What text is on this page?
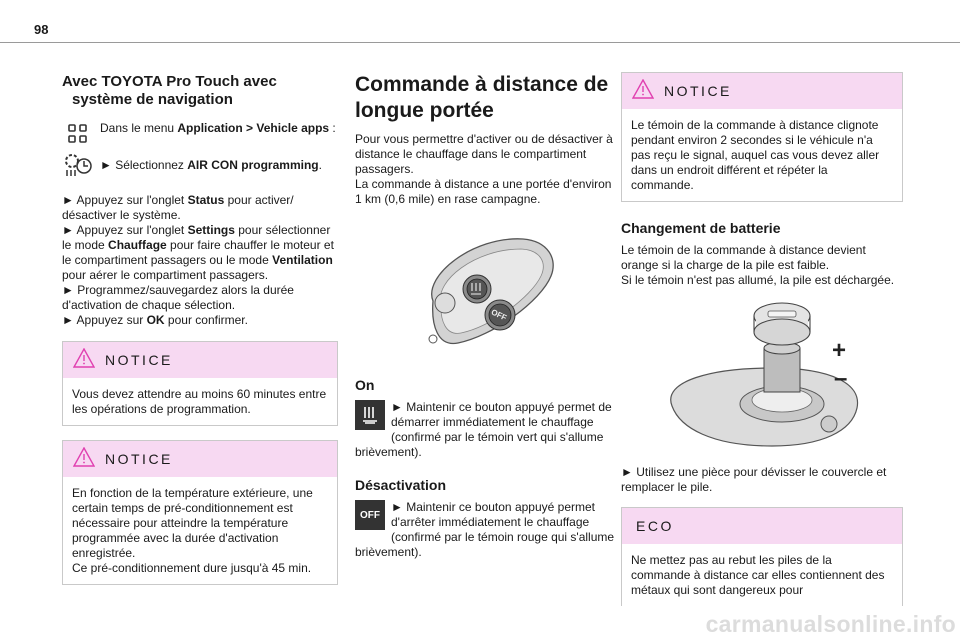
98
Avec TOYOTA Pro Touch avec système de navigation

Dans le menu Application > Vehicle apps :

► Sélectionnez AIR CON programming.

► Appuyez sur l'onglet Status pour activer/ désactiver le système.
► Appuyez sur l'onglet Settings pour sélectionner le mode Chauffage pour faire chauffer le moteur et le compartiment passagers ou le mode Ventilation pour aérer le compartiment passagers.
► Programmez/sauvegardez alors la durée d'activation de chaque sélection.
► Appuyez sur OK pour confirmer.

NOTICE

Vous devez attendre au moins 60 minutes entre les opérations de programmation.

NOTICE

En fonction de la température extérieure, une certain temps de pré-conditionnement est nécessaire pour atteindre la température programmée avec la durée d'activation enregistrée.

Ce pré-conditionnement dure jusqu'à 45 min.

Commande à distance de longue portée

Pour vous permettre d'activer ou de désactiver à distance le chauffage dans le compartiment passagers.

La commande à distance a une portée d'environ 1 km (0,6 mile) en rase campagne.

OFF
On

► Maintenir ce bouton appuyé permet de démarrer immédiatement le chauffage (confirmé par le témoin vert qui s'allume brièvement).

Désactivation
OFF

► Maintenir ce bouton appuyé permet d'arrêter immédiatement le chauffage (confirmé par le témoin rouge qui s'allume brièvement).

NOTICE

Le témoin de la commande à distance clignote pendant environ 2 secondes si le véhicule n'a pas reçu le signal, auquel cas vous devez aller dans un endroit différent et répéter la commande.

Changement de batterie

Le témoin de la commande à distance devient orange si la charge de la pile est faible.

Si le témoin n'est pas allumé, la pile est déchargée.

+
–

► Utilisez une pièce pour dévisser le couvercle et remplacer le pile.

ECO

Ne mettez pas au rebut les piles de la commande à distance car elles contiennent des métaux qui sont dangereux pour

carmanualsonline.info
